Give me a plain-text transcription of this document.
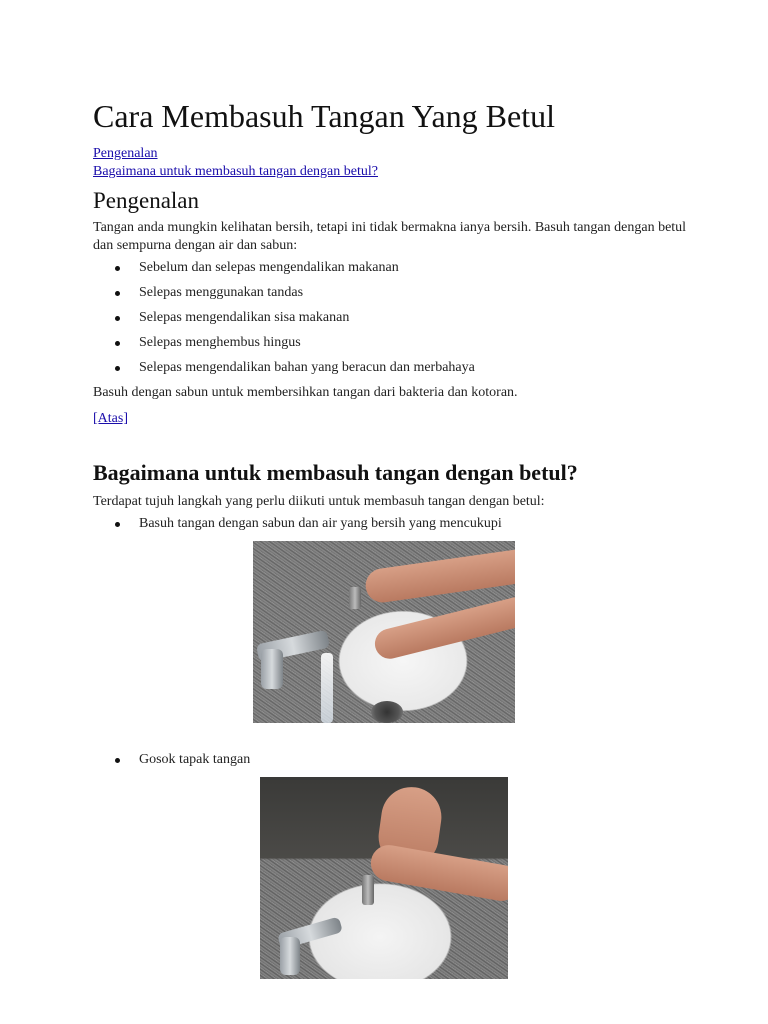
Cara Membasuh Tangan Yang Betul
Pengenalan
Bagaimana untuk membasuh tangan dengan betul?
Pengenalan

Tangan anda mungkin kelihatan bersih, tetapi ini tidak bermakna ianya bersih. Basuh tangan dengan betul dan sempurna dengan air dan sabun:

Sebelum dan selepas mengendalikan makanan
Selepas menggunakan tandas
Selepas mengendalikan sisa makanan
Selepas menghembus hingus
Selepas mengendalikan bahan yang beracun dan merbahaya

Basuh dengan sabun untuk membersihkan tangan dari bakteria dan kotoran.

[Atas]
Bagaimana untuk membasuh tangan dengan betul?

Terdapat tujuh langkah yang perlu diikuti untuk membasuh tangan dengan betul:

Basuh tangan dengan sabun dan air yang bersih yang mencukupi
Gosok tapak tangan
